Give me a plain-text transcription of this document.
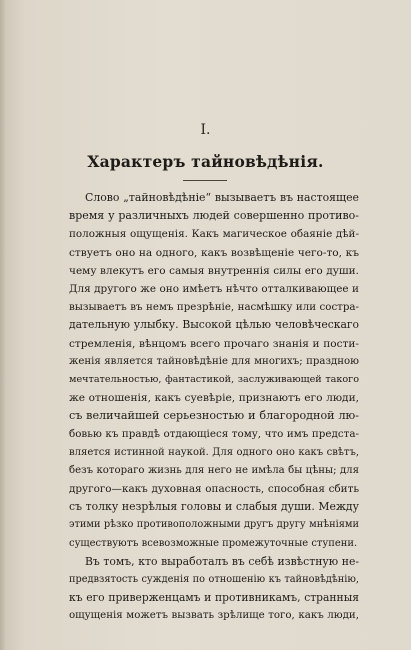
I.
Характеръ тайновѣдѣнія.
Слово „тайновѣдѣніе“ вызываетъ въ настоящее
время у различныхъ людей совершенно противо-
положныя ощущенія. Какъ магическое обаяніе дѣй-
ствуетъ оно на одного, какъ возвѣщеніе чего-то, къ
чему влекутъ его самыя внутреннія силы его души.
Для другого же оно имѣетъ нѣчто отталкивающее и
вызываетъ въ немъ презрѣніе, насмѣшку или сострa-
дательную улыбку. Высокой цѣлью человѣческаго
стремленія, вѣнцомъ всего прочаго знанія и пости-
женія является тайновѣдѣніе для многихъ; праздною
мечтательностью, фантастикой, заслуживающей такого
же отношенія, какъ суевѣріе, признаютъ его люди,
съ величайшей серьезностью и благородной лю-
бовью къ правдѣ отдающіеся тому, что имъ предста-
вляется истинной наукой. Для одного оно какъ свѣтъ,
безъ котораго жизнь для него не имѣла бы цѣны; для
другого—какъ духовная опасность, способная сбить
съ толку незрѣлыя головы и слабыя души. Между
этими рѣзко противоположными другъ другу мнѣніями
существуютъ всевозможные промежуточные ступени.
Въ томъ, кто выработалъ въ себѣ извѣстную не-
предвзятость сужденія по отношенію къ тайновѣдѣнію,
къ его приверженцамъ и противникамъ, странныя
ощущенія можетъ вызвать зрѣлище того, какъ люди,
